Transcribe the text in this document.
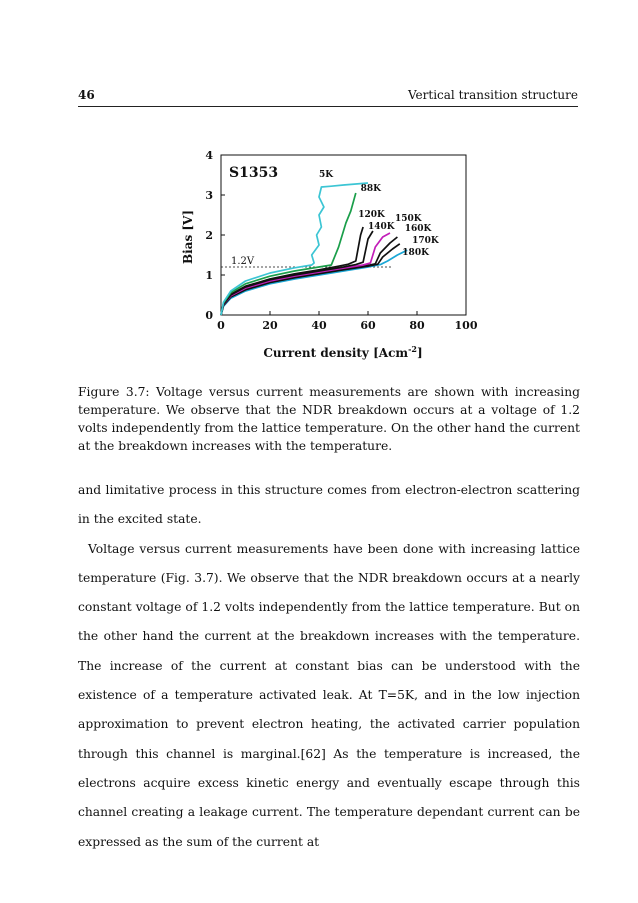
46	Vertical transition structure
0
1
2
3
4
0	20	40	60	80	100
1.2V
5K
88K
120K
140K
150K
160K
170K
180K
S1353
Bias [V]
Current density [Acm$^{-2}$]
Figure 3.7: Voltage versus current measurements are shown with increasing temperature. We observe that the NDR breakdown occurs at a voltage of 1.2 volts independently from the lattice temperature. On the other hand the current at the breakdown increases with the temperature.

and limitative process in this structure comes from electron-electron scattering in the excited state.

Voltage versus current measurements have been done with increasing lattice temperature (Fig. 3.7). We observe that the NDR breakdown occurs at a nearly constant voltage of 1.2 volts independently from the lattice temperature. But on the other hand the current at the breakdown increases with the temperature. The increase of the current at constant bias can be understood with the existence of a temperature activated leak. At T=5K, and in the low injection approximation to prevent electron heating, the activated carrier population through this channel is marginal.[62] As the temperature is increased, the electrons acquire excess kinetic energy and eventually escape through this channel creating a leakage current. The temperature dependant current can be expressed as the sum of the current at
